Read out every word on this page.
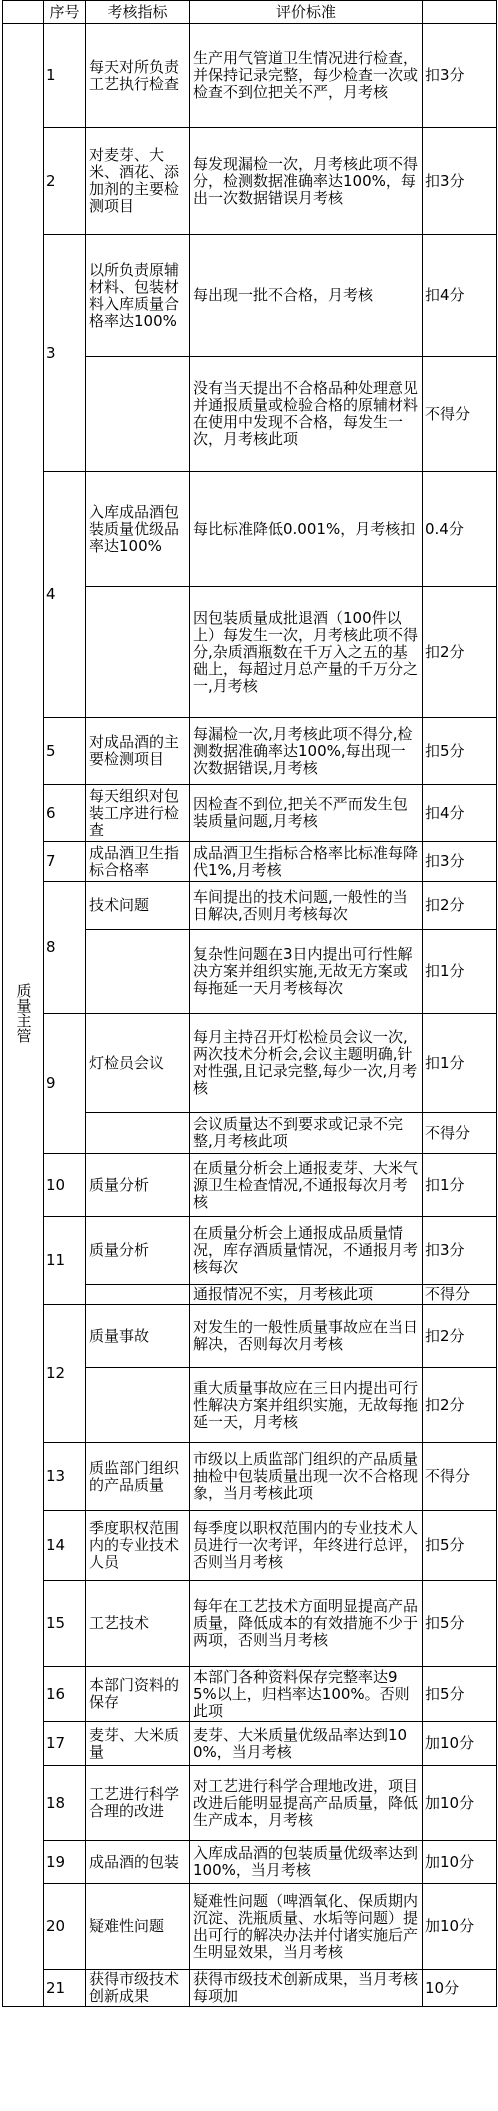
	序号	考核指标	评价标准	
质量主管	1	每天对所负责工艺执行检查	生产用气管道卫生情况进行检查，并保持记录完整，每少检查一次或检查不到位把关不严，月考核	扣3分
	2	对麦芽、大米、酒花、添加剂的主要检测项目	每发现漏检一次，月考核此项不得分，检测数据准确率达100%，每出一次数据错误月考核	扣3分
	3	以所负责原辅材料、包装材料入库质量合格率达100%	每出现一批不合格，月考核	扣4分
			没有当天提出不合格品种处理意见并通报质量或检验合格的原辅材料在使用中发现不合格，每发生一次，月考核此项	不得分
	4	入库成品酒包装质量优级品率达100%	每比标准降低0.001%，月考核扣	0.4分
			因包装质量成批退酒（100件以上）每发生一次，月考核此项不得分,杂质酒瓶数在千万入之五的基础上，每超过月总产量的千万分之一,月考核	扣2分
	5	对成品酒的主要检测项目	每漏检一次,月考核此项不得分,检测数据准确率达100%,每出现一次数据错误,月考核	扣5分
	6	每天组织对包装工序进行检查	因检查不到位,把关不严而发生包装质量问题,月考核	扣4分
	7	成品酒卫生指标合格率	成品酒卫生指标合格率比标准每降代1%,月考核	扣3分
	8	技术问题	车间提出的技术问题,一般性的当日解决,否则月考核每次	扣2分
			复杂性问题在3日内提出可行性解决方案并组织实施,无故无方案或每拖延一天月考核每次	扣1分
	9	灯检员会议	每月主持召开灯松检员会议一次,两次技术分析会,会议主题明确,针对性强,且记录完整,每少一次,月考核	扣1分
			会议质量达不到要求或记录不完整,月考核此项	不得分
	10	质量分析	在质量分析会上通报麦芽、大米气源卫生检查情况,不通报每次月考核	扣1分
	11	质量分析	在质量分析会上通报成品质量情况，库存酒质量情况，不通报月考核每次	扣3分
			通报情况不实，月考核此项	不得分
	12	质量事故	对发生的一般性质量事故应在当日解决，否则每次月考核	扣2分
			重大质量事故应在三日内提出可行性解决方案并组织实施，无故每拖延一天，月考核	扣2分
	13	质监部门组织的产品质量	市级以上质监部门组织的产品质量抽检中包装质量出现一次不合格现象，当月考核此项	不得分
	14	季度职权范围内的专业技术人员	每季度以职权范围内的专业技术人员进行一次考评，年终进行总评，否则当月考核	扣5分
	15	工艺技术	每年在工艺技术方面明显提高产品质量，降低成本的有效措施不少于两项，否则当月考核	扣5分
	16	本部门资料的保存	本部门各种资料保存完整率达95%以上，归档率达100%。否则此项	扣5分
	17	麦芽、大米质量	麦芽、大米质量优级品率达到100%，当月考核	加10分
	18	工艺进行科学合理的改进	对工艺进行科学合理地改进，项目改进后能明显提高产品质量，降低生产成本，月考核	加10分
	19	成品酒的包装	入库成品酒的包装质量优级率达到100%，当月考核	加10分
	20	疑难性问题	疑难性问题（啤酒氧化、保质期内沉淀、洗瓶质量、水垢等问题）提出可行的解决办法并付诸实施后产生明显效果，当月考核	加10分
	21	获得市级技术创新成果	获得市级技术创新成果，当月考核每项加	10分
